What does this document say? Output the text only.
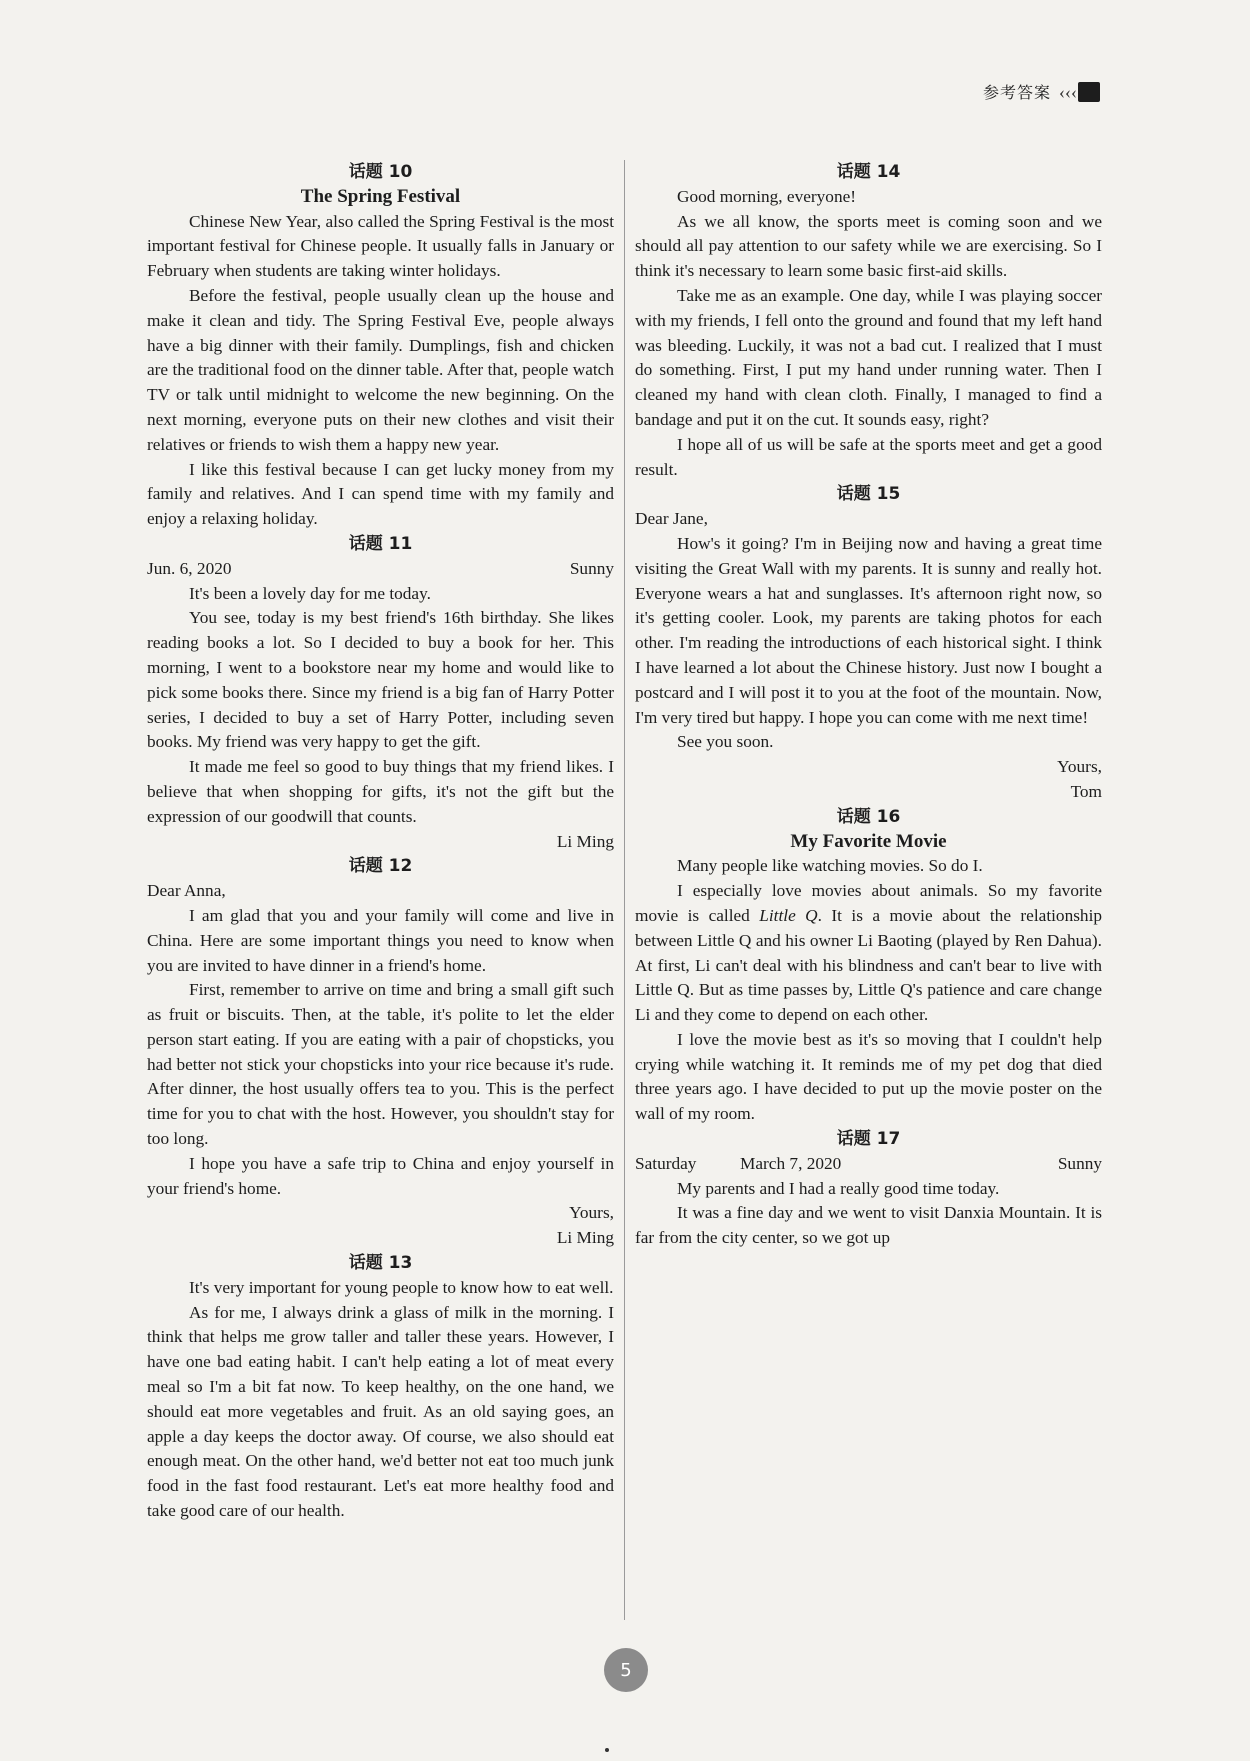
参考答案 ‹‹‹

话题 10

The Spring Festival

Chinese New Year, also called the Spring Festival is the most important festival for Chinese people. It usually falls in January or February when students are taking winter holidays.

Before the festival, people usually clean up the house and make it clean and tidy. The Spring Festival Eve, people always have a big dinner with their family. Dumplings, fish and chicken are the traditional food on the dinner table. After that, people watch TV or talk until midnight to welcome the new beginning. On the next morning, everyone puts on their new clothes and visit their relatives or friends to wish them a happy new year.

I like this festival because I can get lucky money from my family and relatives. And I can spend time with my family and enjoy a relaxing holiday.

话题 11

Jun. 6, 2020	Sunny

It's been a lovely day for me today.

You see, today is my best friend's 16th birthday. She likes reading books a lot. So I decided to buy a book for her. This morning, I went to a bookstore near my home and would like to pick some books there. Since my friend is a big fan of Harry Potter series, I decided to buy a set of Harry Potter, including seven books. My friend was very happy to get the gift.

It made me feel so good to buy things that my friend likes. I believe that when shopping for gifts, it's not the gift but the expression of our goodwill that counts.

Li Ming

话题 12

Dear Anna,

I am glad that you and your family will come and live in China. Here are some important things you need to know when you are invited to have dinner in a friend's home.

First, remember to arrive on time and bring a small gift such as fruit or biscuits. Then, at the table, it's polite to let the elder person start eating. If you are eating with a pair of chopsticks, you had better not stick your chopsticks into your rice because it's rude. After dinner, the host usually offers tea to you. This is the perfect time for you to chat with the host. However, you shouldn't stay for too long.

I hope you have a safe trip to China and enjoy yourself in your friend's home.

Yours,

Li Ming

话题 13

It's very important for young people to know how to eat well.

As for me, I always drink a glass of milk in the morning. I think that helps me grow taller and taller these years. However, I have one bad eating habit. I can't help eating a lot of meat every meal so I'm a bit fat now. To keep healthy, on the one hand, we should eat more vegetables and fruit. As an old saying goes, an apple a day keeps the doctor away. Of course, we also should eat enough meat. On the other hand, we'd better not eat too much junk food in the fast food restaurant. Let's eat more healthy food and take good care of our health.

话题 14

Good morning, everyone!

As we all know, the sports meet is coming soon and we should all pay attention to our safety while we are exercising. So I think it's necessary to learn some basic first-aid skills.

Take me as an example. One day, while I was playing soccer with my friends, I fell onto the ground and found that my left hand was bleeding. Luckily, it was not a bad cut. I realized that I must do something. First, I put my hand under running water. Then I cleaned my hand with clean cloth. Finally, I managed to find a bandage and put it on the cut. It sounds easy, right?

I hope all of us will be safe at the sports meet and get a good result.

话题 15

Dear Jane,

How's it going? I'm in Beijing now and having a great time visiting the Great Wall with my parents. It is sunny and really hot. Everyone wears a hat and sunglasses. It's afternoon right now, so it's getting cooler. Look, my parents are taking photos for each other. I'm reading the introductions of each historical sight. I think I have learned a lot about the Chinese history. Just now I bought a postcard and I will post it to you at the foot of the mountain. Now, I'm very tired but happy. I hope you can come with me next time!

See you soon.

Yours,

Tom

话题 16

My Favorite Movie

Many people like watching movies. So do I.

I especially love movies about animals. So my favorite movie is called Little Q. It is a movie about the relationship between Little Q and his owner Li Baoting (played by Ren Dahua). At first, Li can't deal with his blindness and can't bear to live with Little Q. But as time passes by, Little Q's patience and care change Li and they come to depend on each other.

I love the movie best as it's so moving that I couldn't help crying while watching it. It reminds me of my pet dog that died three years ago. I have decided to put up the movie poster on the wall of my room.

话题 17

Saturday	March 7, 2020	Sunny

My parents and I had a really good time today.

It was a fine day and we went to visit Danxia Mountain. It is far from the city center, so we got up

5
